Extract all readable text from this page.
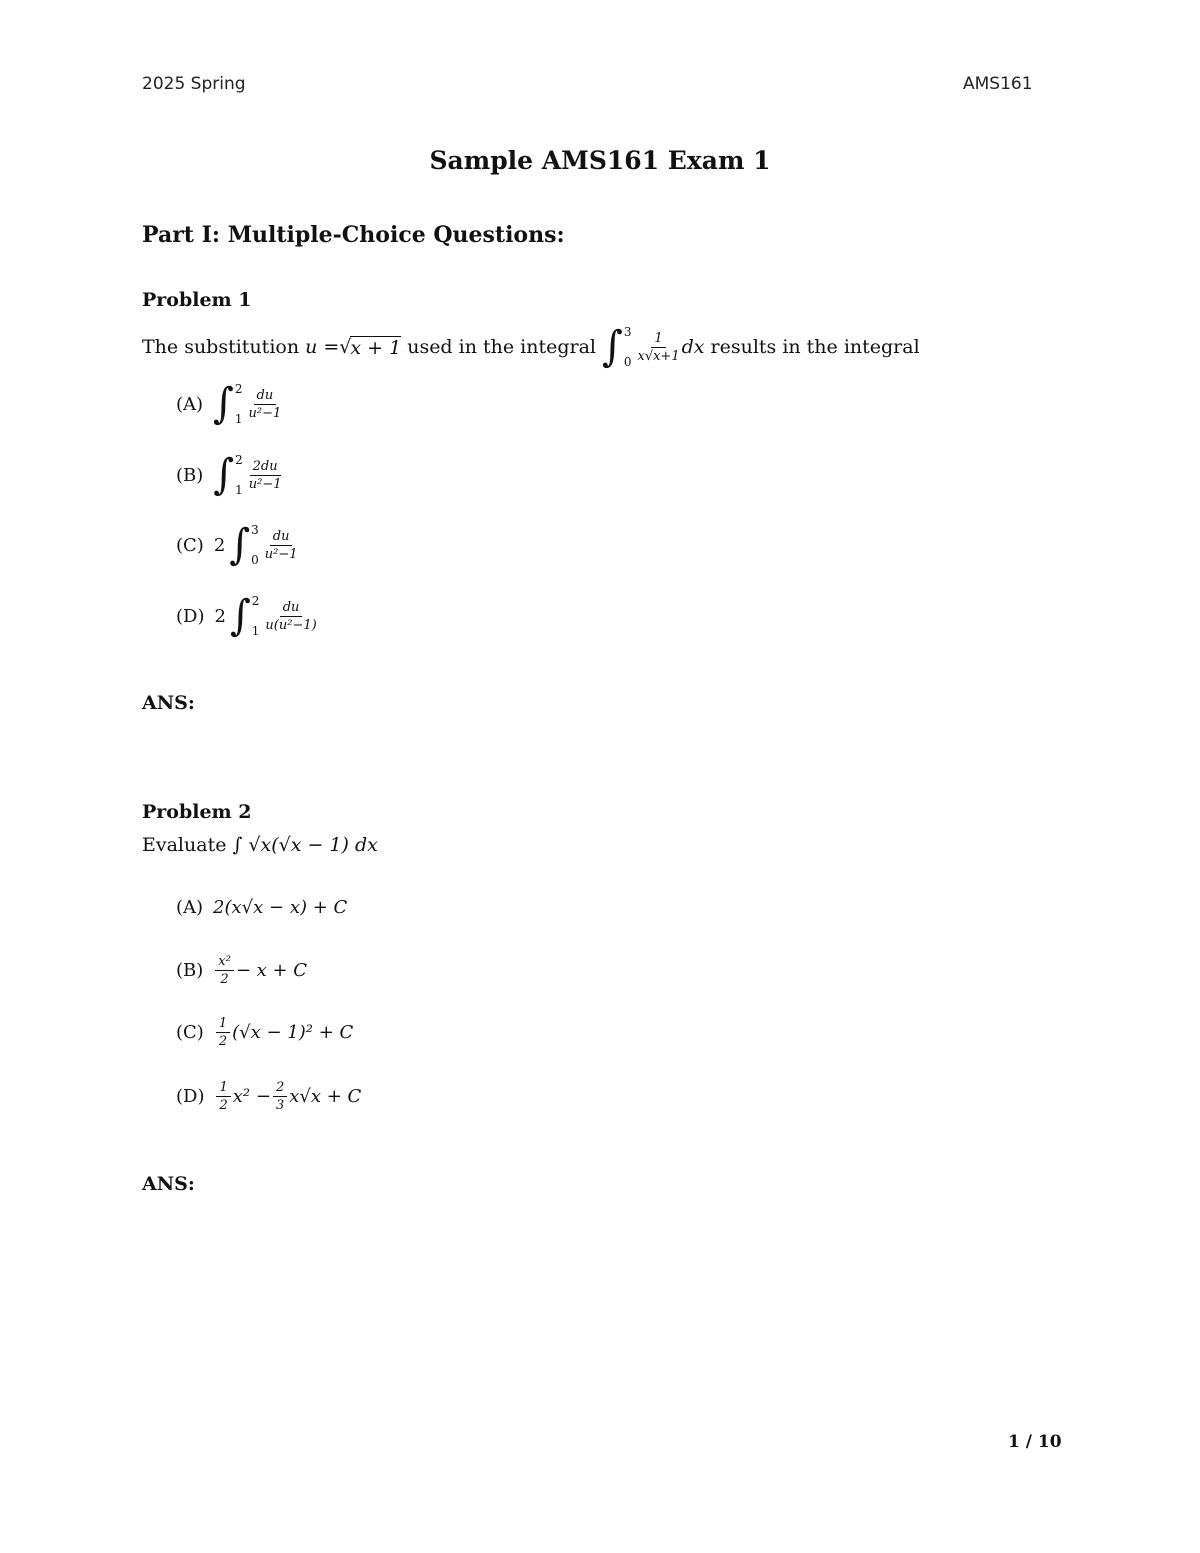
2025 Spring	AMS161
Sample AMS161 Exam 1
Part I: Multiple-Choice Questions:
Problem 1
The substitution u = √ x + 1 used in the integral ∫ 3
$0 \frac{1}{x√x+1}$ dx results in the integral
(A) ∫ 2
$1 \frac{du}{\text{u²−1}}$
(B) ∫ 2
$1 \frac{2du}{\text{u²−1}}$
(C) 2 ∫ 3
$0 \frac{du}{\text{u²−1}}$
(D) 2 ∫ 2
$1 \frac{du}{\text{u(u²−1)}}$
ANS:
Problem 2
Evaluate ∫ √x(√x − 1) dx
(A) 2(x√x − x) + C
$(B) \frac{\text{x²}}{2} - x + C$
$(C) \frac{1}{2} (√x - 1)^2 + C$
$(D) \frac{1}{2} x^2 - \frac{2}{3} x√x + C$
ANS:
1 / 10
